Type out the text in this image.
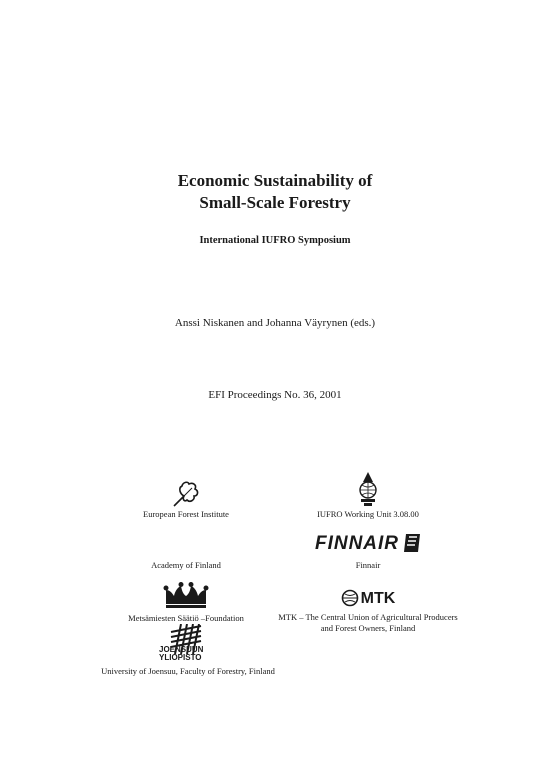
Economic Sustainability of
Small-Scale Forestry
International IUFRO Symposium
Anssi Niskanen and Johanna Väyrynen (eds.)
EFI Proceedings No. 36, 2001
European Forest Institute	IUFRO Working Unit 3.08.00
Academy of Finland
FINNAIR
Finnair
Metsämiesten Säätiö –Foundation
MTK
MTK – The Central Union of Agricultural Producers
and Forest Owners, Finland
JOENSUUN
YLIOPISTO
University of Joensuu, Faculty of Forestry, Finland
